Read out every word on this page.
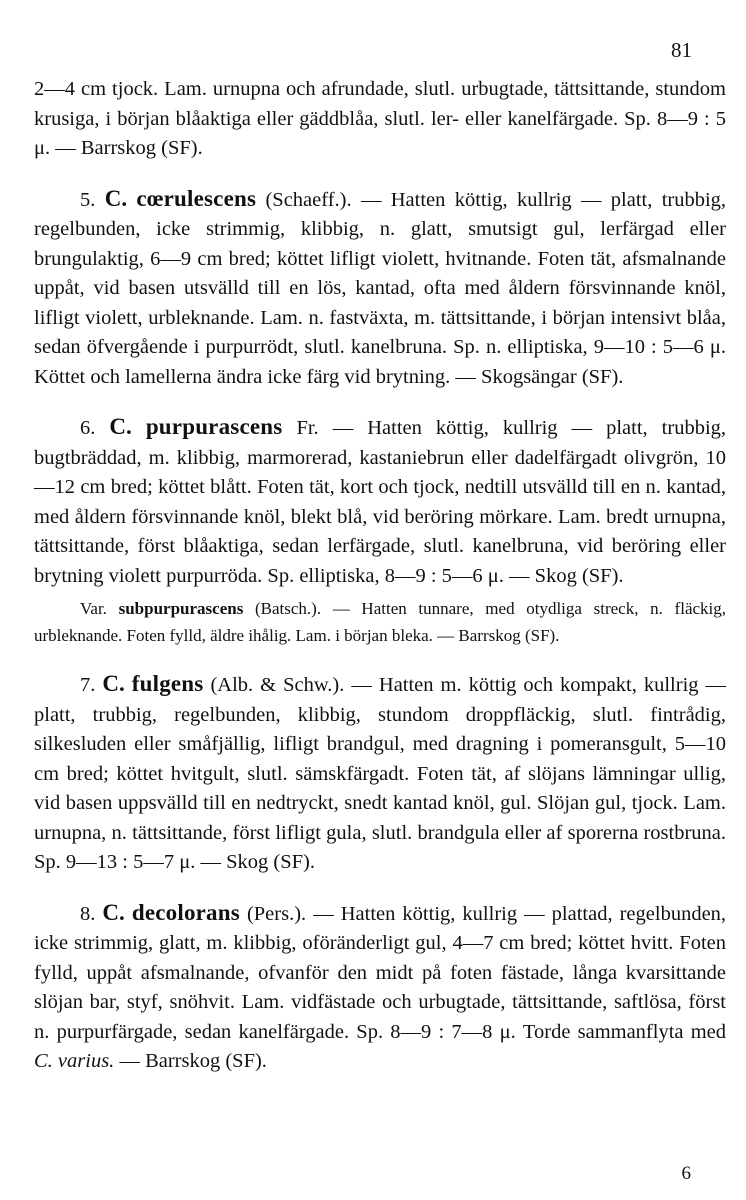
81

2—4 cm tjock. Lam. urnupna och afrundade, slutl. urbugtade, tättsittande, stundom krusiga, i början blåaktiga eller gäddblåa, slutl. ler- eller kanelfärgade. Sp. 8—9 : 5 μ. — Barrskog (SF).

5. C. cœrulescens (Schaeff.). — Hatten köttig, kullrig — platt, trubbig, regelbunden, icke strimmig, klibbig, n. glatt, smutsigt gul, lerfärgad eller brungulaktig, 6—9 cm bred; köttet lifligt violett, hvitnande. Foten tät, afsmalnande uppåt, vid basen utsvälld till en lös, kantad, ofta med åldern försvinnande knöl, lifligt violett, urbleknande. Lam. n. fastväxta, m. tättsittande, i början intensivt blåa, sedan öfvergående i purpurrödt, slutl. kanelbruna. Sp. n. elliptiska, 9—10 : 5—6 μ. Köttet och lamellerna ändra icke färg vid brytning. — Skogsängar (SF).

6. C. purpurascens Fr. — Hatten köttig, kullrig — platt, trubbig, bugtbräddad, m. klibbig, marmorerad, kastaniebrun eller dadelfärgadt olivgrön, 10—12 cm bred; köttet blått. Foten tät, kort och tjock, nedtill utsvälld till en n. kantad, med åldern försvinnande knöl, blekt blå, vid beröring mörkare. Lam. bredt urnupna, tättsittande, först blåaktiga, sedan lerfärgade, slutl. kanelbruna, vid beröring eller brytning violett purpurröda. Sp. elliptiska, 8—9 : 5—6 μ. — Skog (SF).

Var. subpurpurascens (Batsch.). — Hatten tunnare, med otydliga streck, n. fläckig, urbleknande. Foten fylld, äldre ihålig. Lam. i början bleka. — Barrskog (SF).

7. C. fulgens (Alb. & Schw.). — Hatten m. köttig och kompakt, kullrig — platt, trubbig, regelbunden, klibbig, stundom droppfläckig, slutl. fintrådig, silkesluden eller småfjällig, lifligt brandgul, med dragning i pomeransgult, 5—10 cm bred; köttet hvitgult, slutl. sämskfärgadt. Foten tät, af slöjans lämningar ullig, vid basen uppsvälld till en nedtryckt, snedt kantad knöl, gul. Slöjan gul, tjock. Lam. urnupna, n. tättsittande, först lifligt gula, slutl. brandgula eller af sporerna rostbruna. Sp. 9—13 : 5—7 μ. — Skog (SF).

8. C. decolorans (Pers.). — Hatten köttig, kullrig — plattad, regelbunden, icke strimmig, glatt, m. klibbig, oföränderligt gul, 4—7 cm bred; köttet hvitt. Foten fylld, uppåt afsmalnande, ofvanför den midt på foten fästade, långa kvarsittande slöjan bar, styf, snöhvit. Lam. vidfästade och urbugtade, tättsittande, saftlösa, först n. purpurfärgade, sedan kanelfärgade. Sp. 8—9 : 7—8 μ. Torde sammanflyta med C. varius. — Barrskog (SF).

6
